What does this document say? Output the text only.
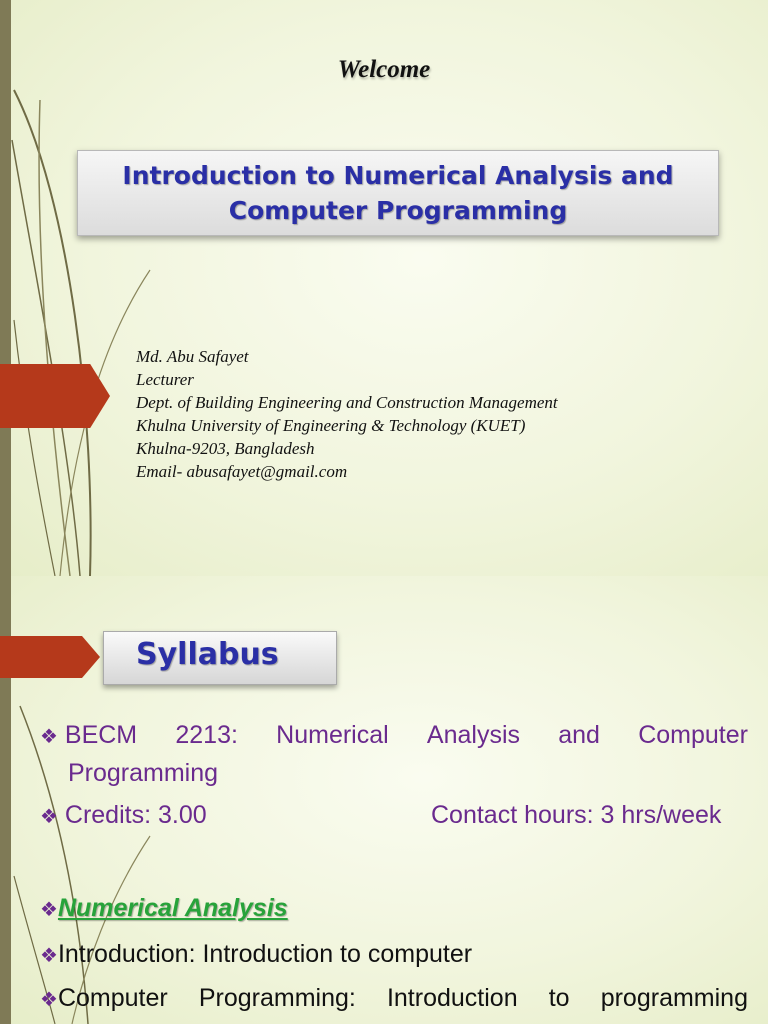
Welcome
Introduction to Numerical Analysis and
Computer Programming
Md. Abu Safayet
Lecturer
Dept. of Building Engineering and Construction Management
Khulna University of Engineering & Technology (KUET)
Khulna-9203, Bangladesh
Email- abusafayet@gmail.com
Syllabus
❖ BECM 2213: Numerical Analysis and Computer
Programming
❖ Credits: 3.00	Contact hours: 3 hrs/week
❖Numerical Analysis
❖Introduction: Introduction to computer
❖Computer Programming: Introduction to programming
